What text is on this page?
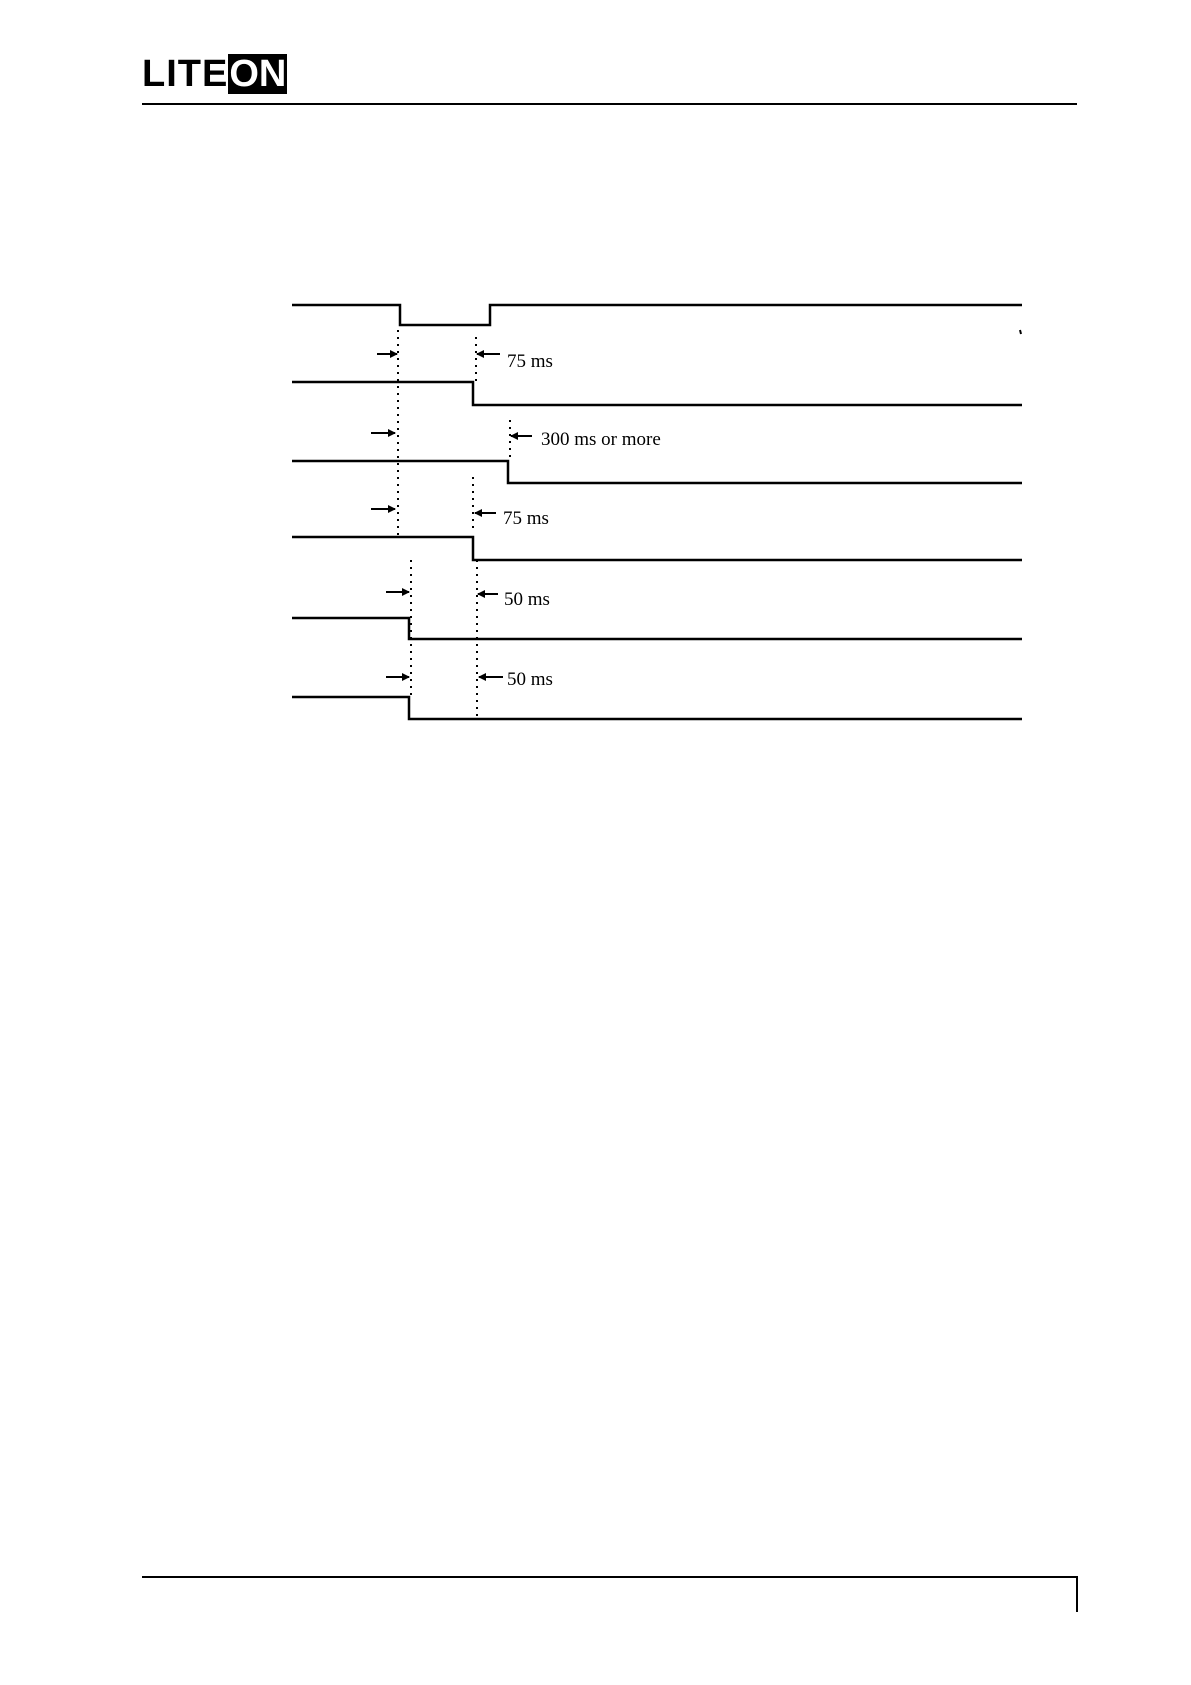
LITEON
75 ms
300 ms or more
75 ms
50 ms
50 ms
